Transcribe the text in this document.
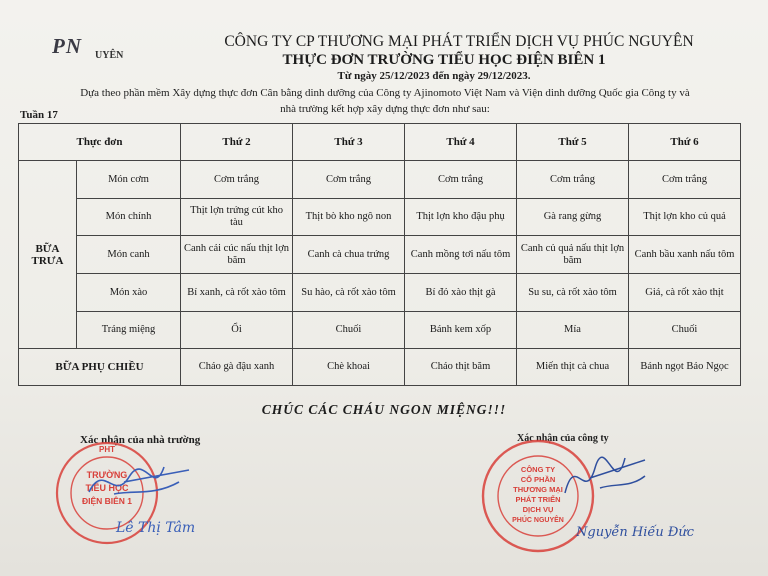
PN UYÊN
CÔNG TY CP THƯƠNG MẠI PHÁT TRIỂN DỊCH VỤ PHÚC NGUYÊN
THỰC ĐƠN TRƯỜNG TIỂU HỌC ĐIỆN BIÊN 1
Từ ngày 25/12/2023 đến ngày 29/12/2023.
Dựa theo phần mềm Xây dựng thực đơn Cân bằng dinh dưỡng của Công ty Ajinomoto Việt Nam và Viện dinh dưỡng Quốc gia Công ty và
nhà trường kết hợp xây dựng thực đơn như sau:
Tuần 17
Thực đơn		Thứ 2	Thứ 3	Thứ 4	Thứ 5	Thứ 6
BỮA TRƯA	Món cơm	Cơm trắng	Cơm trắng	Cơm trắng	Cơm trắng	Cơm trắng
	Món chính	Thịt lợn trứng cút kho tàu	Thịt bò kho ngô non	Thịt lợn kho đậu phụ	Gà rang gừng	Thịt lợn kho củ quả
	Món canh	Canh cải cúc nấu thịt lợn băm	Canh cà chua trứng	Canh mồng tơi nấu tôm	Canh củ quả nấu thịt lợn băm	Canh bầu xanh nấu tôm
	Món xào	Bí xanh, cà rốt xào tôm	Su hào, cà rốt xào tôm	Bí đỏ xào thịt gà	Su su, cà rốt xào tôm	Giá, cà rốt xào thịt
	Tráng miệng	Ổi	Chuối	Bánh kem xốp	Mía	Chuối
BỮA PHỤ CHIỀU		Cháo gà đậu xanh	Chè khoai	Cháo thịt băm	Miến thịt cà chua	Bánh ngọt Bảo Ngọc
CHÚC CÁC CHÁU NGON MIỆNG!!!
Xác nhận của nhà trường
PHT
TRƯỜNG
TIỂU HỌC
ĐIỆN BIÊN 1
Lê Thị Tâm
Xác nhận của công ty
CÔNG TY
CỔ PHẦN
THƯƠNG MẠI
PHÁT TRIỂN
DỊCH VỤ
PHÚC NGUYÊN
Nguyễn Hiếu Đức
